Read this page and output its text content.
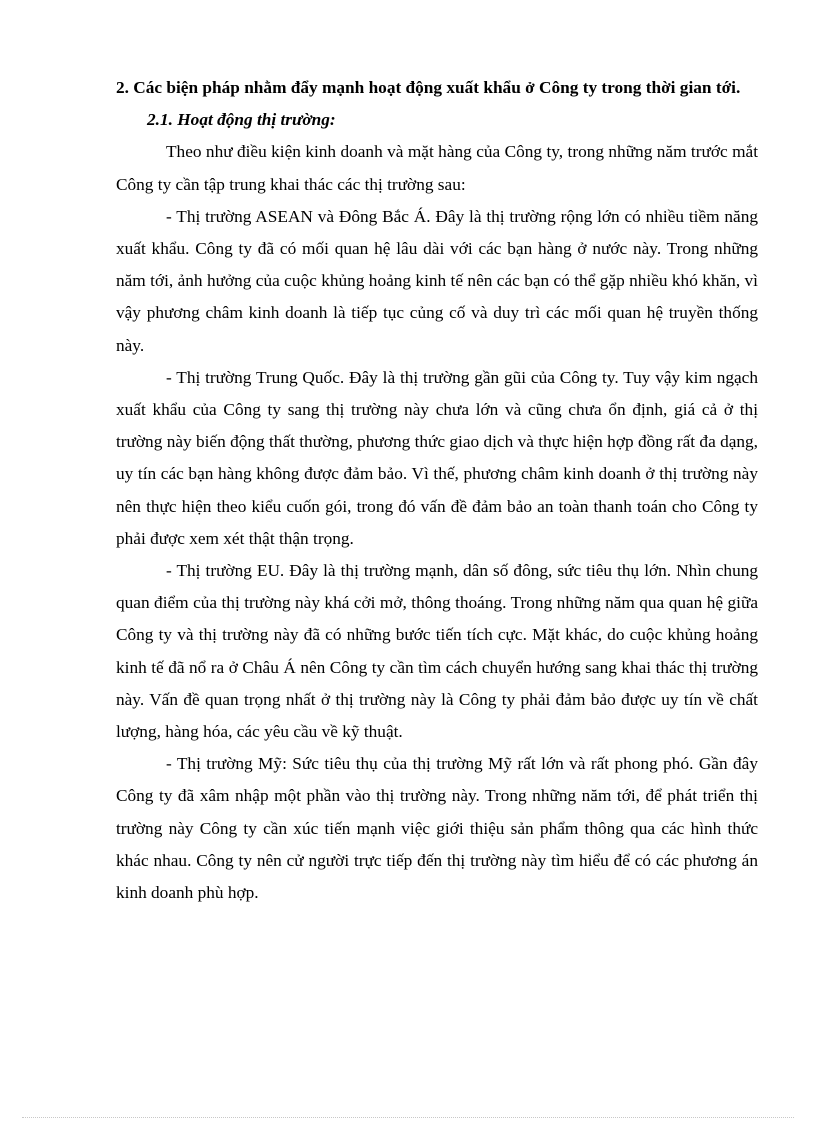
2. Các biện pháp nhằm đẩy mạnh hoạt động xuất khẩu ở Công ty trong thời gian tới.

2.1. Hoạt động thị trường:

Theo như điều kiện kinh doanh và mặt hàng của Công ty, trong những năm trước mắt Công ty cần tập trung khai thác các thị trường sau:

- Thị trường ASEAN và Đông Bắc Á. Đây là thị trường rộng lớn có nhiều tiềm năng xuất khẩu. Công ty đã có mối quan hệ lâu dài với các bạn hàng ở nước này. Trong những năm tới, ảnh hưởng của cuộc khủng hoảng kinh tế nên các bạn có thể gặp nhiều khó khăn, vì vậy phương châm kinh doanh là tiếp tục củng cố và duy trì các mối quan hệ truyền thống này.

- Thị trường Trung Quốc. Đây là thị trường gần gũi của Công ty. Tuy vậy kim ngạch xuất khẩu của Công ty sang thị trường này chưa lớn và cũng chưa ổn định, giá cả ở thị trường này biến động thất thường, phương thức giao dịch và thực hiện hợp đồng rất đa dạng, uy tín các bạn hàng không được đảm bảo. Vì thế, phương châm kinh doanh ở thị trường này nên thực hiện theo kiểu cuốn gói, trong đó vấn đề đảm bảo an toàn thanh toán cho Công ty phải được xem xét thật thận trọng.

- Thị trường EU. Đây là thị trường mạnh, dân số đông, sức tiêu thụ lớn. Nhìn chung quan điểm của thị trường này khá cởi mở, thông thoáng. Trong những năm qua quan hệ giữa Công ty và thị trường này đã có những bước tiến tích cực. Mặt khác, do cuộc khủng hoảng kinh tế đã nổ ra ở Châu Á nên Công ty cần tìm cách chuyển hướng sang khai thác thị trường này. Vấn đề quan trọng nhất ở thị trường này là Công ty phải đảm bảo được uy tín về chất lượng, hàng hóa, các yêu cầu về kỹ thuật.

- Thị trường Mỹ: Sức tiêu thụ của thị trường Mỹ rất lớn và rất phong phó. Gần đây Công ty đã xâm nhập một phần vào thị trường này. Trong những năm tới, để phát triển thị trường này Công ty cần xúc tiến mạnh việc giới thiệu sản phẩm thông qua các hình thức khác nhau. Công ty nên cử người trực tiếp đến thị trường này tìm hiểu để có các phương án kinh doanh phù hợp.
